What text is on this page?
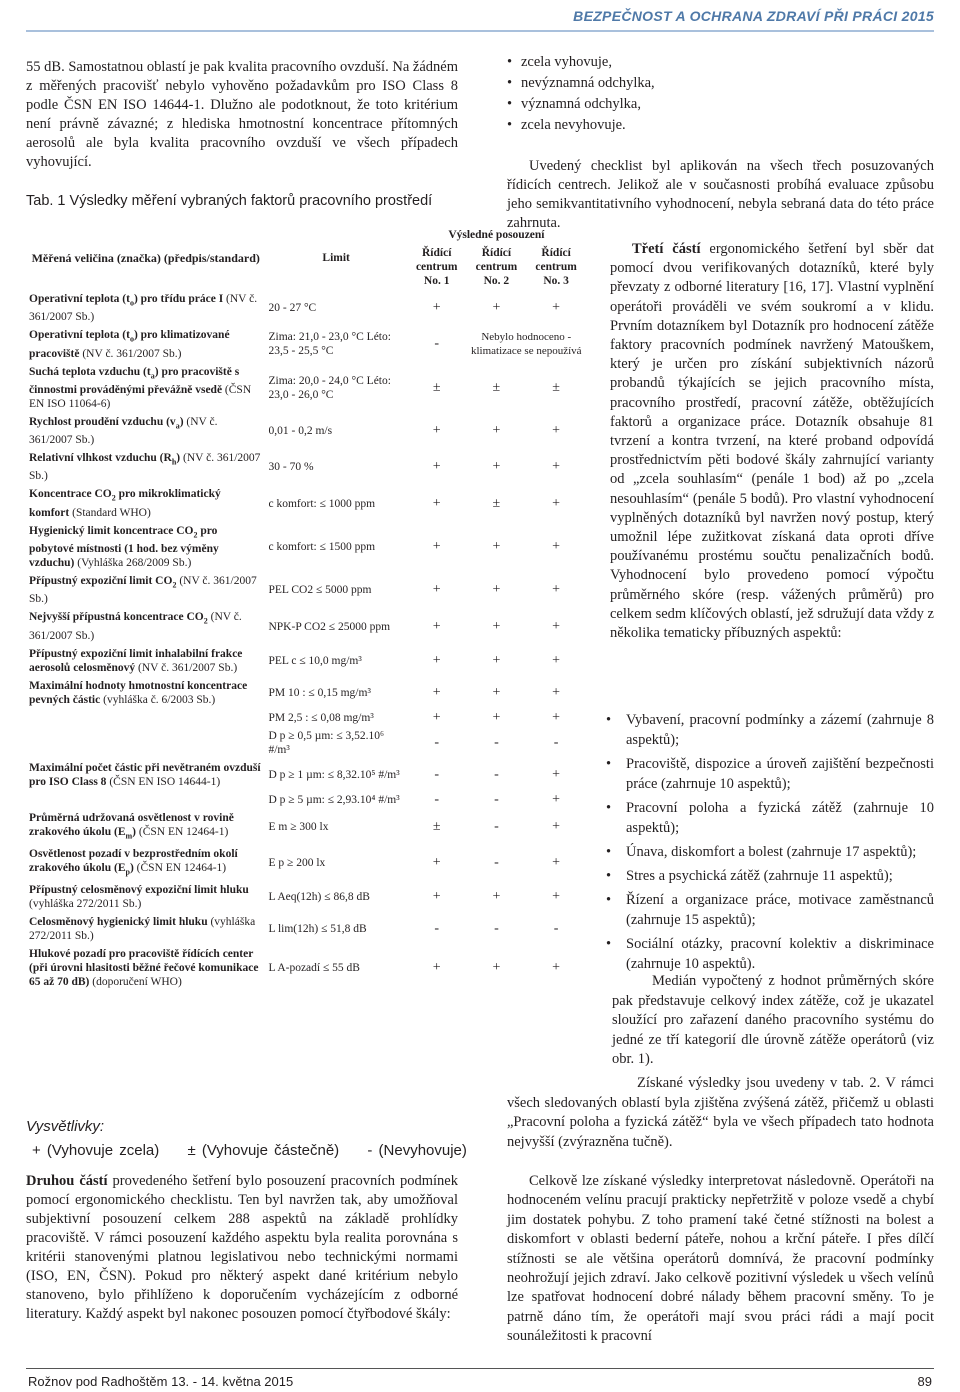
BEZPEČNOST A OCHRANA ZDRAVÍ PŘI PRÁCI 2015

55 dB. Samostatnou oblastí je pak kvalita pracovního ovzduší. Na žádném z měřených pracovišť nebylo vyhověno požadavkům pro ISO Class 8 podle ČSN EN ISO 14644-1. Dlužno ale podotknout, že toto kritérium není právně závazné; z hlediska hmotnostní koncentrace přítomných aerosolů ale byla kvalita pracovního ovzduší ve všech případech vyhovující.

Tab. 1 Výsledky měření vybraných faktorů pracovního prostředí
Měřená veličina (značka) (předpis/standard)	Limit	Výsledné posouzení		
		Řídící centrum No. 1	Řídící centrum No. 2	Řídící centrum No. 3
Operativní teplota $(t_o)$ pro třídu práce I (NV č. 361/2007 Sb.)	20 - 27 °C	+	+	+
Operativní teplota $(t_o)$ pro klimatizované pracoviště (NV č. 361/2007 Sb.)	Zima: 21,0 - 23,0 °C Léto: 23,5 - 25,5 °C	-	Nebylo hodnoceno - klimatizace se nepoužívá	
Suchá teplota vzduchu $(t_a)$ pro pracoviště s činnostmi prováděnými převážně vsedě (ČSN EN ISO 11064-6)	Zima: 20,0 - 24,0 °C Léto: 23,0 - 26,0 °C	±	±	±
Rychlost proudění vzduchu $(v_a)$ (NV č. 361/2007 Sb.)	0,01 - 0,2 m/s	+	+	+
Relativní vlhkost vzduchu $(R_h)$ (NV č. 361/2007 Sb.)	30 - 70 %	+	+	+
Koncentrace $CO_2$ pro mikroklimatický komfort (Standard WHO)	c komfort: ≤ 1000 ppm	+	±	+
Hygienický limit koncentrace $CO_2$ pro pobytové místnosti (1 hod. bez výměny vzduchu) (Vyhláška 268/2009 Sb.)	c komfort: ≤ 1500 ppm	+	+	+
Přípustný expoziční limit $CO_2$ (NV č. 361/2007 Sb.)	PEL CO2 ≤ 5000 ppm	+	+	+
Nejvyšší přípustná koncentrace $CO_2$ (NV č. 361/2007 Sb.)	NPK-P CO2 ≤ 25000 ppm	+	+	+
Přípustný expoziční limit inhalabilní frakce aerosolů celosměnový (NV č. 361/2007 Sb.)	PEL c ≤ 10,0 mg/m³	+	+	+
Maximální hodnoty hmotnostní koncentrace pevných částic (vyhláška č. 6/2003 Sb.)	PM 10 : ≤ 0,15 mg/m³	+	+	+
	PM 2,5 : ≤ 0,08 mg/m³	+	+	+
	D p ≥ 0,5 µm: ≤ 3,52.10⁶ #/m³	-	-	-
Maximální počet částic při nevětraném ovzduší pro ISO Class 8 (ČSN EN ISO 14644-1)	D p ≥ 1 µm: ≤ 8,32.10⁵ #/m³	-	-	+
	D p ≥ 5 µm: ≤ 2,93.10⁴ #/m³	-	-	+
Průměrná udržovaná osvětlenost v rovině zrakového úkolu $(E_m)$ (ČSN EN 12464-1)	E m ≥ 300 lx	±	-	+
Osvětlenost pozadí v bezprostředním okolí zrakového úkolu $(E_p)$ (ČSN EN 12464-1)	E p ≥ 200 lx	+	-	+
Přípustný celosměnový expoziční limit hluku (vyhláška 272/2011 Sb.)	L Aeq(12h) ≤ 86,8 dB	+	+	+
Celosměnový hygienický limit hluku (vyhláška 272/2011 Sb.)	L lim(12h) ≤ 51,8 dB	-	-	-
Hlukové pozadí pro pracoviště řídících center (při úrovni hlasitosti běžné řečové komunikace 65 až 70 dB) (doporučení WHO)	L A-pozadí ≤ 55 dB	+	+	+
Vysvětlivky:
+ (Vyhovuje zcela) ± (Vyhovuje částečně) - (Nevyhovuje)

Druhou částí provedeného šetření bylo posouzení pracovních podmínek pomocí ergonomického checklistu. Ten byl navržen tak, aby umožňoval subjektivní posouzení celkem 288 aspektů na základě prohlídky pracoviště. V rámci posouzení každého aspektu byla realita porovnána s kritérii stanovenými platnou legislativou nebo technickými normami (ISO, EN, ČSN). Pokud pro některý aspekt dané kritérium nebylo stanoveno, bylo přihlíženo k doporučením vycházejícím z odborné literatury. Každý aspekt byl nakonec posouzen pomocí čtyřbodové škály:

• zcela vyhovuje,
• nevýznamná odchylka,
• významná odchylka,
• zcela nevyhovuje.

Uvedený checklist byl aplikován na všech třech posuzovaných řídicích centrech. Jelikož ale v současnosti probíhá evaluace způsobu jeho semikvantitativního vyhodnocení, nebyla sebraná data do této práce zahrnuta.

Třetí částí ergonomického šetření byl sběr dat pomocí dvou verifikovaných dotazníků, které byly převzaty z odborné literatury [16, 17]. Vlastní vyplnění operátoři prováděli ve svém soukromí a v klidu. Prvním dotazníkem byl Dotazník pro hodnocení zátěže faktory pracovních podmínek navržený Matouškem, který je určen pro získání subjektivních názorů probandů týkajících se jejich pracovního místa, pracovního prostředí, pracovní zátěže, obtěžujících faktorů a organizace práce. Dotazník obsahuje 81 tvrzení a kontra tvrzení, na které proband odpovídá prostřednictvím pěti bodové škály zahrnující varianty od „zcela souhlasím“ (penále 1 bod) až po „zcela nesouhlasím“ (penále 5 bodů). Pro vlastní vyhodnocení vyplněných dotazníků byl navržen nový postup, který umožnil lépe zužitkovat získaná data oproti dříve používanému prostému součtu penalizačních bodů. Vyhodnocení bylo provedeno pomocí výpočtu průměrného skóre (resp. vážených průměrů) pro celkem sedm klíčových oblastí, jež sdružují data vždy z několika tematicky příbuzných aspektů:

• Vybavení, pracovní podmínky a zázemí (zahrnuje 8 aspektů);
• Pracoviště, dispozice a úroveň zajištění bezpečnosti práce (zahrnuje 10 aspektů);
• Pracovní poloha a fyzická zátěž (zahrnuje 10 aspektů);
• Únava, diskomfort a bolest (zahrnuje 17 aspektů);
• Stres a psychická zátěž (zahrnuje 11 aspektů);
• Řízení a organizace práce, motivace zaměstnanců (zahrnuje 15 aspektů);
• Sociální otázky, pracovní kolektiv a diskriminace (zahrnuje 10 aspektů).

Medián vypočtený z hodnot průměrných skóre pak představuje celkový index zátěže, což je ukazatel sloužící pro zařazení daného pracovního systému do jedné ze tří kategorií dle úrovně zátěže operátorů (viz obr. 1).

Získané výsledky jsou uvedeny v tab. 2. V rámci všech sledovaných oblastí byla zjištěna zvýšená zátěž, přičemž u oblasti „Pracovní poloha a fyzická zátěž“ byla ve všech případech tato hodnota nejvyšší (zvýrazněna tučně).

Celkově lze získané výsledky interpretovat následovně. Operátoři na hodnoceném velínu pracují prakticky nepřetržitě v poloze vsedě a chybí jim dostatek pohybu. Z toho pramení také četné stížnosti na bolest a diskomfort v oblasti bederní páteře, nohou a krční páteře. I přes dílčí stížnosti se ale většina operátorů domnívá, že pracovní podmínky neohrožují jejich zdraví. Jako celkově pozitivní výsledek u všech velínů lze spatřovat hodnocení dobré nálady během pracovní směny. To je patrně dáno tím, že operátoři mají svou práci rádi a mají pocit sounáležitosti k pracovní

Rožnov pod Radhoštěm 13. - 14. května 2015	89
